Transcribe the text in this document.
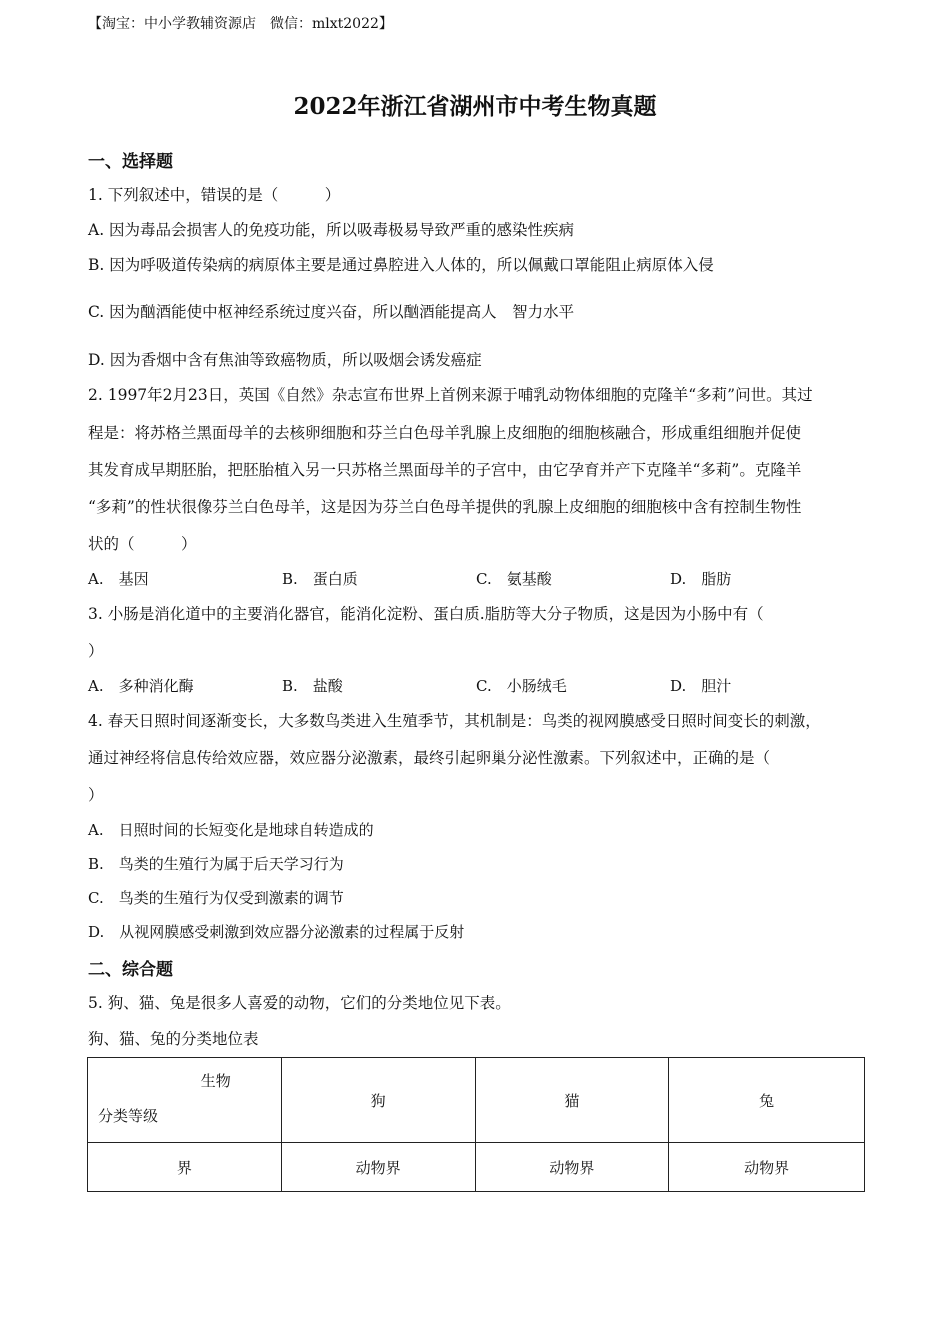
【淘宝：中小学教辅资源店　微信：mlxt2022】
2022年浙江省湖州市中考生物真题
一、选择题
1. 下列叙述中，错误的是（　　　）
A. 因为毒品会损害人的免疫功能，所以吸毒极易导致严重的感染性疾病
B. 因为呼吸道传染病的病原体主要是通过鼻腔进入人体的，所以佩戴口罩能阻止病原体入侵
C. 因为酗酒能使中枢神经系统过度兴奋，所以酗酒能提高人　智力水平
D. 因为香烟中含有焦油等致癌物质，所以吸烟会诱发癌症
2. 1997年2月23日，英国《自然》杂志宣布世界上首例来源于哺乳动物体细胞的克隆羊“多莉”问世。其过
程是：将苏格兰黑面母羊的去核卵细胞和芬兰白色母羊乳腺上皮细胞的细胞核融合，形成重组细胞并促使
其发育成早期胚胎，把胚胎植入另一只苏格兰黑面母羊的子宫中，由它孕育并产下克隆羊“多莉”。克隆羊
“多莉”的性状很像芬兰白色母羊，这是因为芬兰白色母羊提供的乳腺上皮细胞的细胞核中含有控制生物性
状的（　　　）
A.　基因	B.　蛋白质	C.　氨基酸	D.　脂肪
3. 小肠是消化道中的主要消化器官，能消化淀粉、蛋白质.脂肪等大分子物质，这是因为小肠中有（
）
A.　多种消化酶	B.　盐酸	C.　小肠绒毛	D.　胆汁
4. 春天日照时间逐渐变长，大多数鸟类进入生殖季节，其机制是：鸟类的视网膜感受日照时间变长的刺激，
通过神经将信息传给效应器，效应器分泌激素，最终引起卵巢分泌性激素。下列叙述中，正确的是（
）
A.　日照时间的长短变化是地球自转造成的
B.　鸟类的生殖行为属于后天学习行为
C.　鸟类的生殖行为仅受到激素的调节
D.　从视网膜感受刺激到效应器分泌激素的过程属于反射
二、综合题
5. 狗、猫、兔是很多人喜爱的动物，它们的分类地位见下表。
狗、猫、兔的分类地位表
生物
分类等级	狗	猫	兔
界	动物界	动物界	动物界
